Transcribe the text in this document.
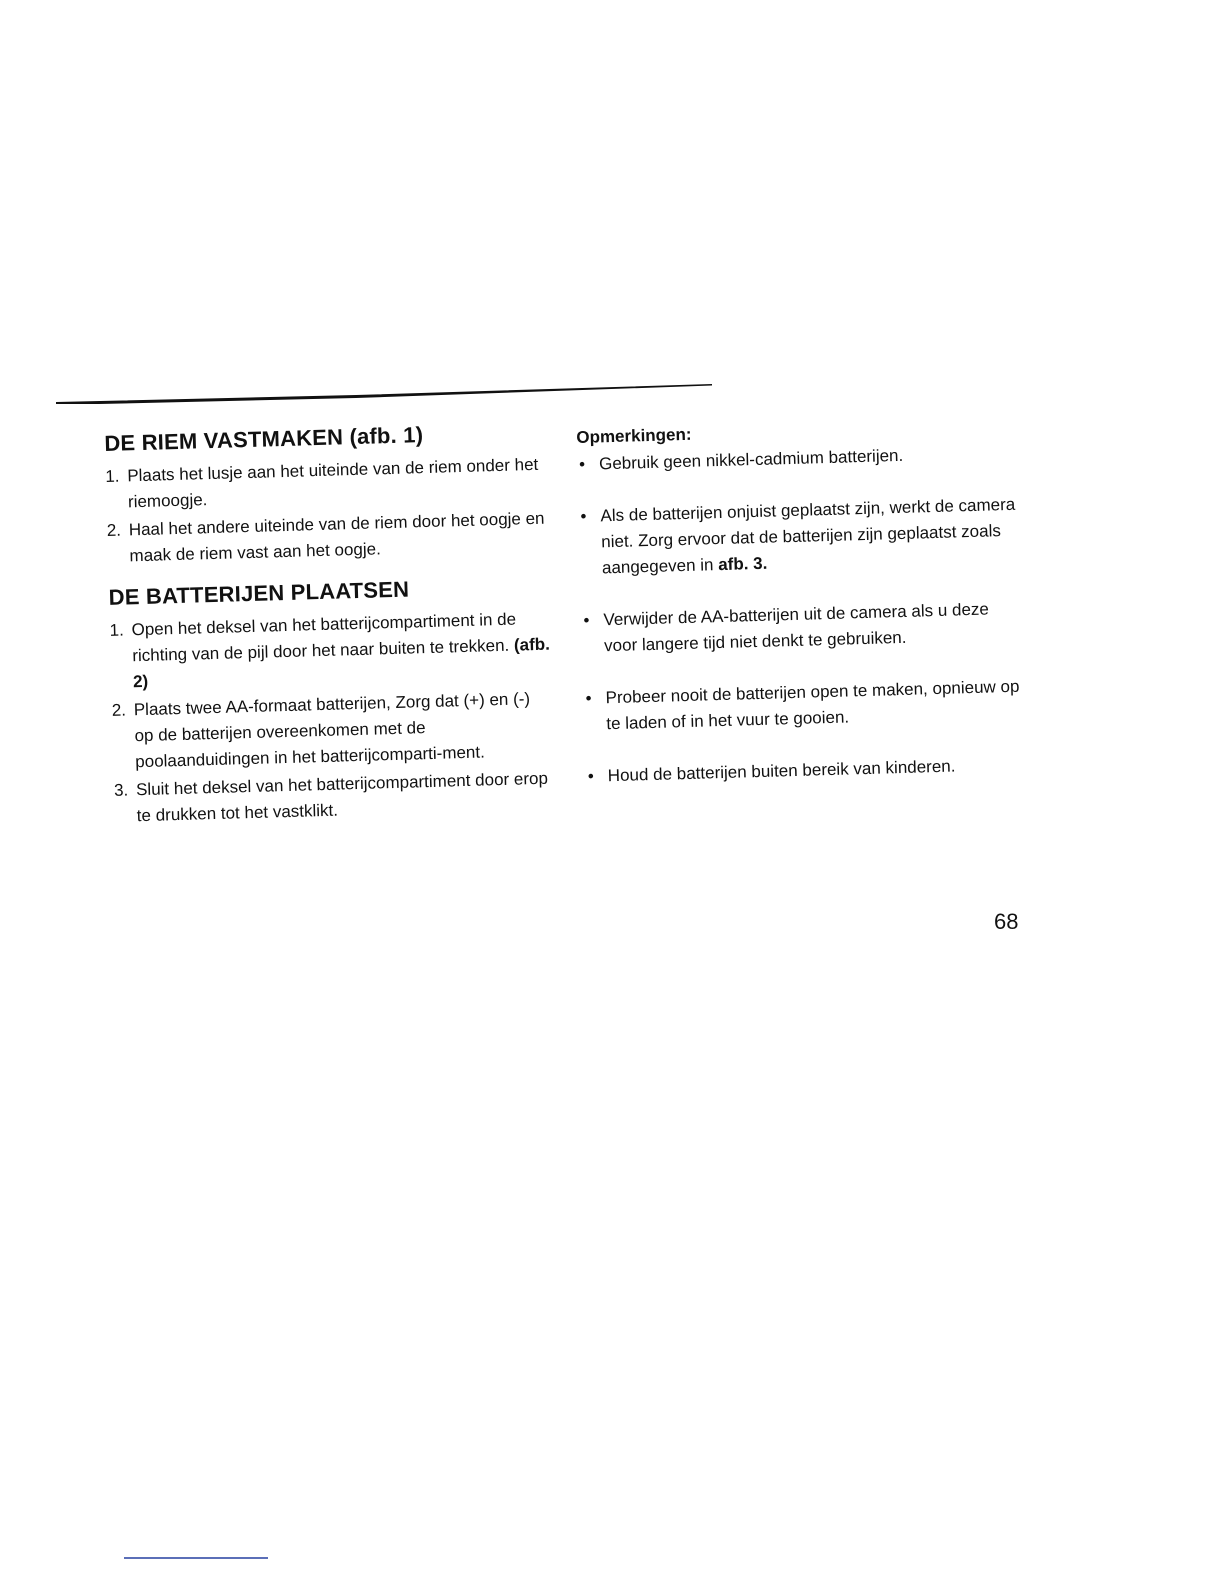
DE RIEM VASTMAKEN (afb. 1)
1. Plaats het lusje aan het uiteinde van de riem onder het riemoogje.
2. Haal het andere uiteinde van de riem door het oogje en maak de riem vast aan het oogje.
DE BATTERIJEN PLAATSEN
1. Open het deksel van het batterijcompartiment in de richting van de pijl door het naar buiten te trekken. (afb. 2)
2. Plaats twee AA-formaat batterijen, Zorg dat (+) en (-) op de batterijen overeenkomen met de poolaanduidingen in het batterijcomparti-ment.
3. Sluit het deksel van het batterijcompartiment door erop te drukken tot het vastklikt.

Opmerkingen:

• Gebruik geen nikkel-cadmium batterijen.
• Als de batterijen onjuist geplaatst zijn, werkt de camera niet. Zorg ervoor dat de batterijen zijn geplaatst zoals aangegeven in afb. 3.
• Verwijder de AA-batterijen uit de camera als u deze voor langere tijd niet denkt te gebruiken.
• Probeer nooit de batterijen open te maken, opnieuw op te laden of in het vuur te gooien.
• Houd de batterijen buiten bereik van kinderen.
68
